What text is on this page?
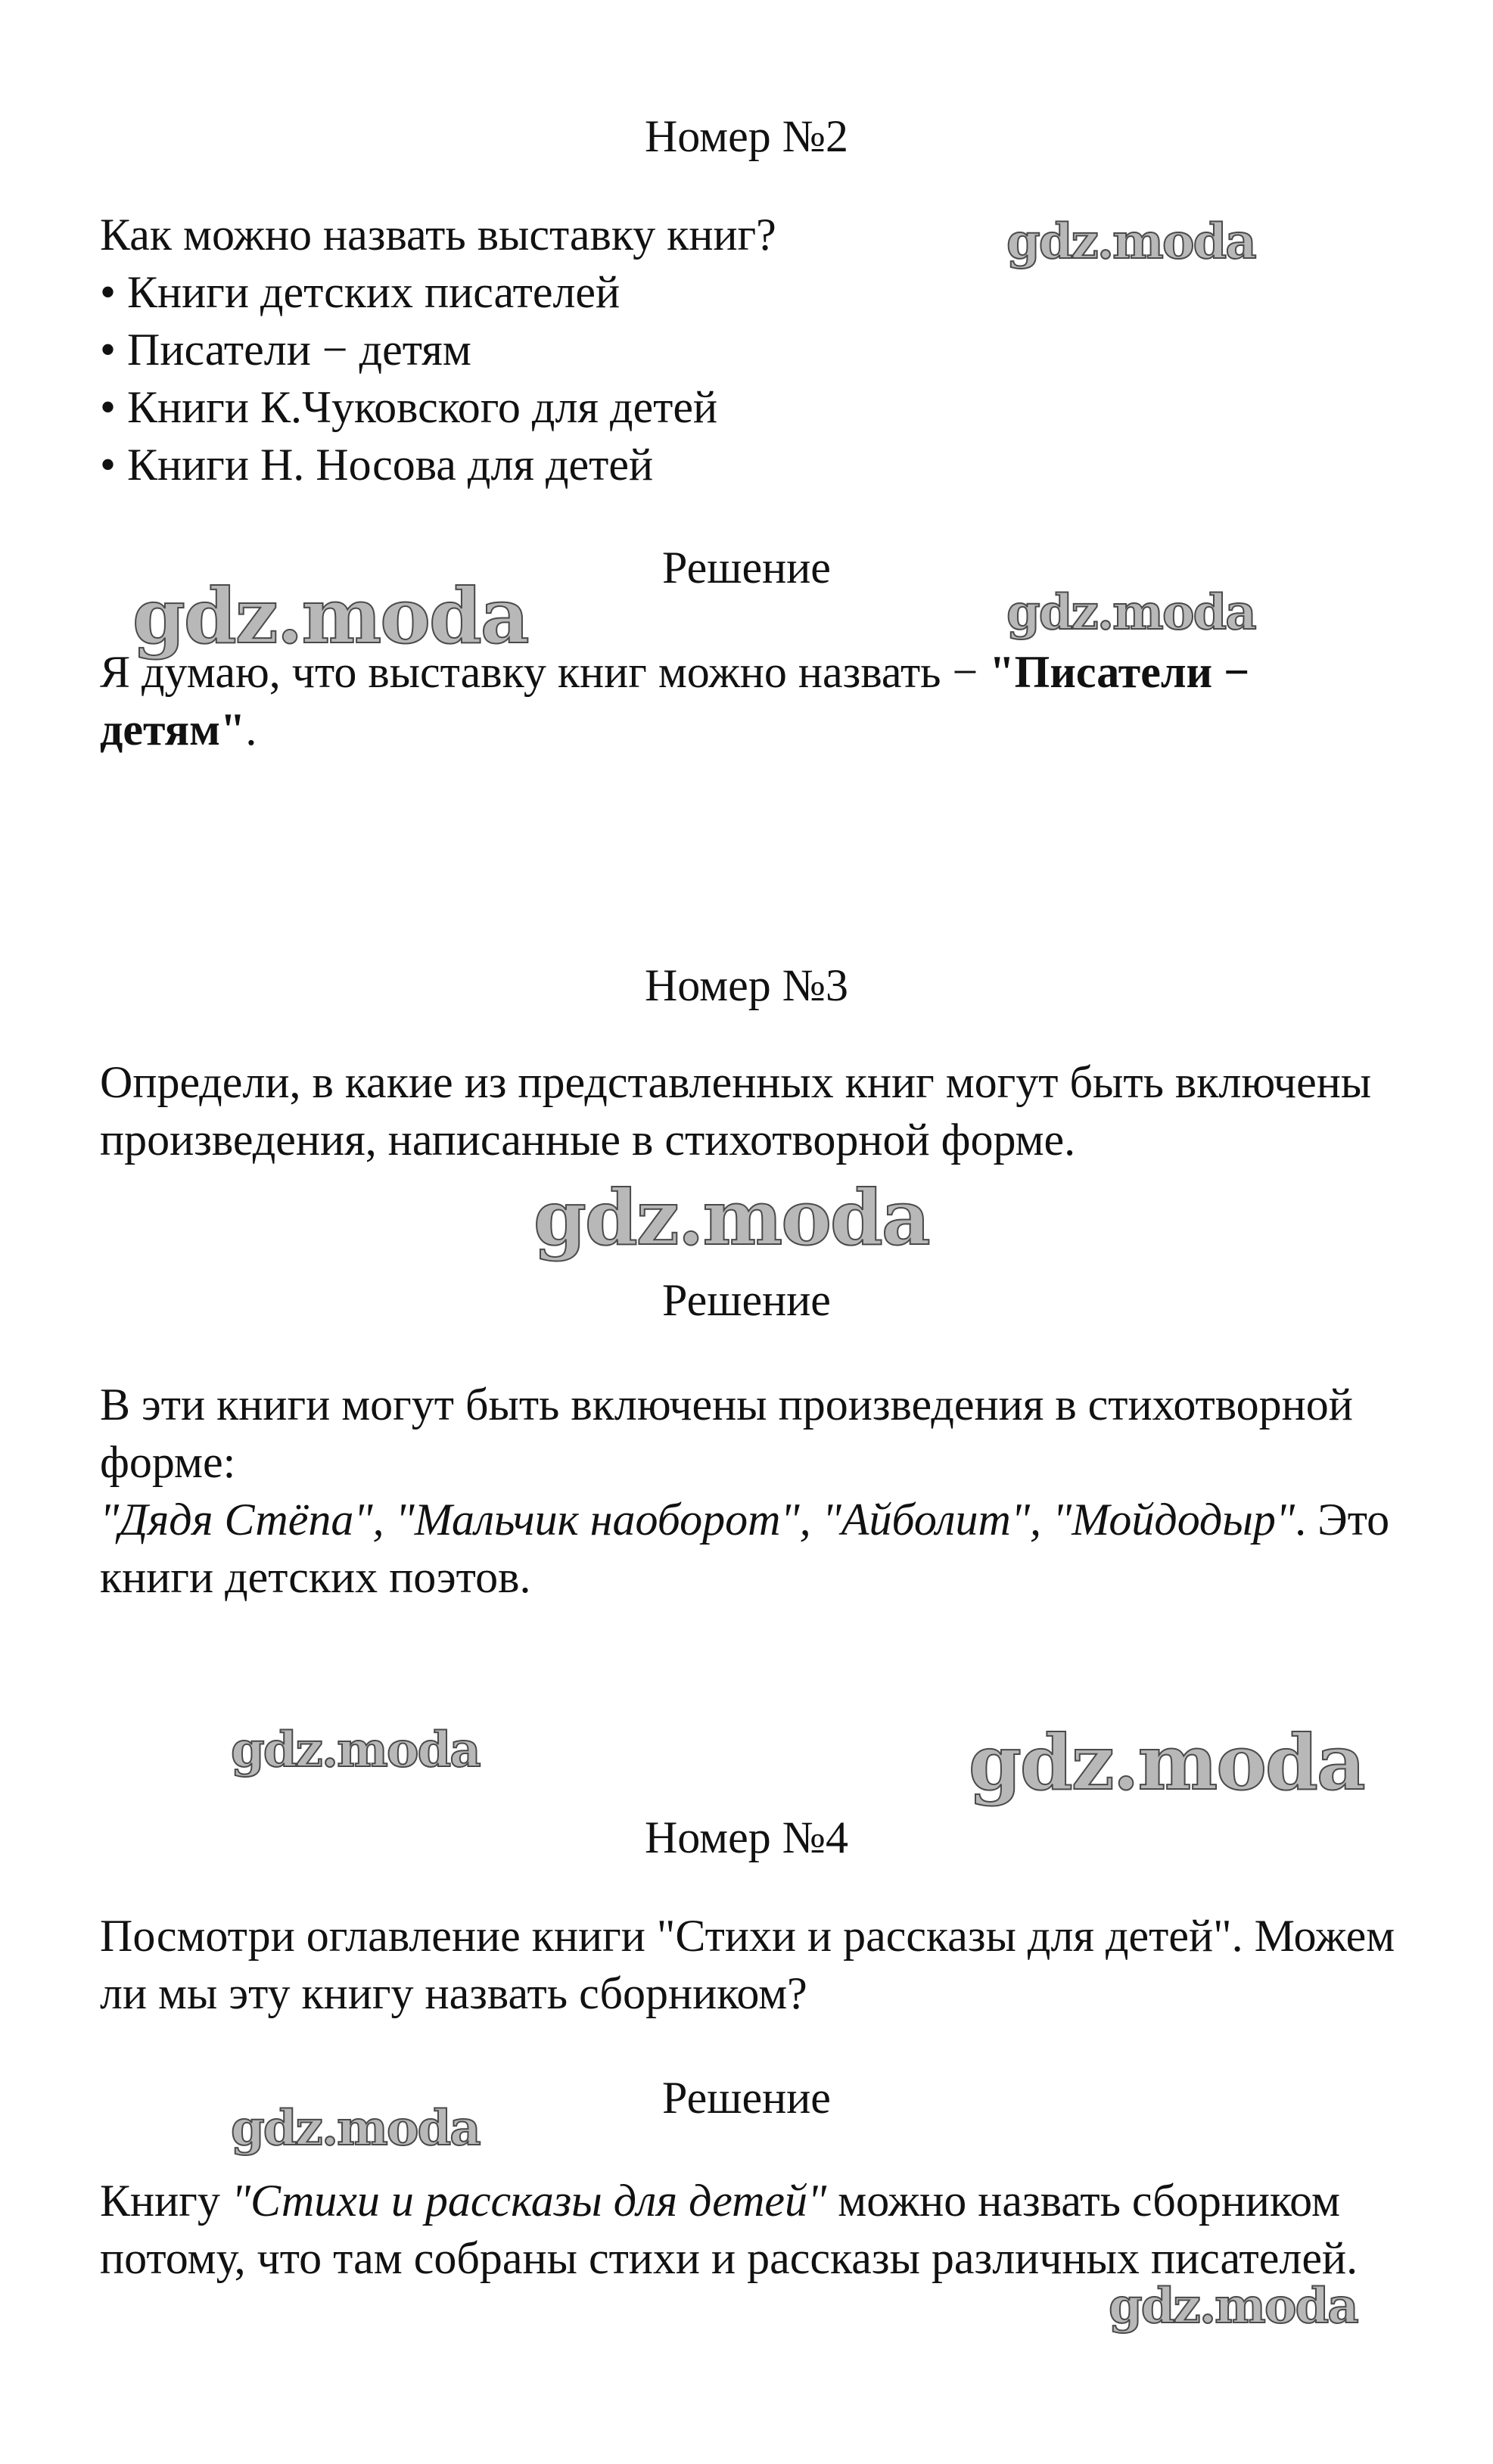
Номер №2

Как можно назвать выставку книг?

• Книги детских писателей

• Писатели − детям

• Книги К.Чуковского для детей

• Книги Н. Носова для детей

Решение

Я думаю, что выставку книг можно назвать − "Писатели − детям".

Номер №3

Определи, в какие из представленных книг могут быть включены произведения, написанные в стихотворной форме.

Решение

В эти книги могут быть включены произведения в стихотворной форме:

"Дядя Стёпа", "Мальчик наоборот", "Айболит", "Мойдодыр". Это книги детских поэтов.

Номер №4

Посмотри оглавление книги "Стихи и рассказы для детей". Можем ли мы эту книгу назвать сборником?

Решение

Книгу "Стихи и рассказы для детей" можно назвать сборником потому, что там собраны стихи и рассказы различных писателей.

gdz.moda
gdz.moda	gdz.moda
gdz.moda
gdz.moda	gdz.moda
gdz.moda
gdz.moda
